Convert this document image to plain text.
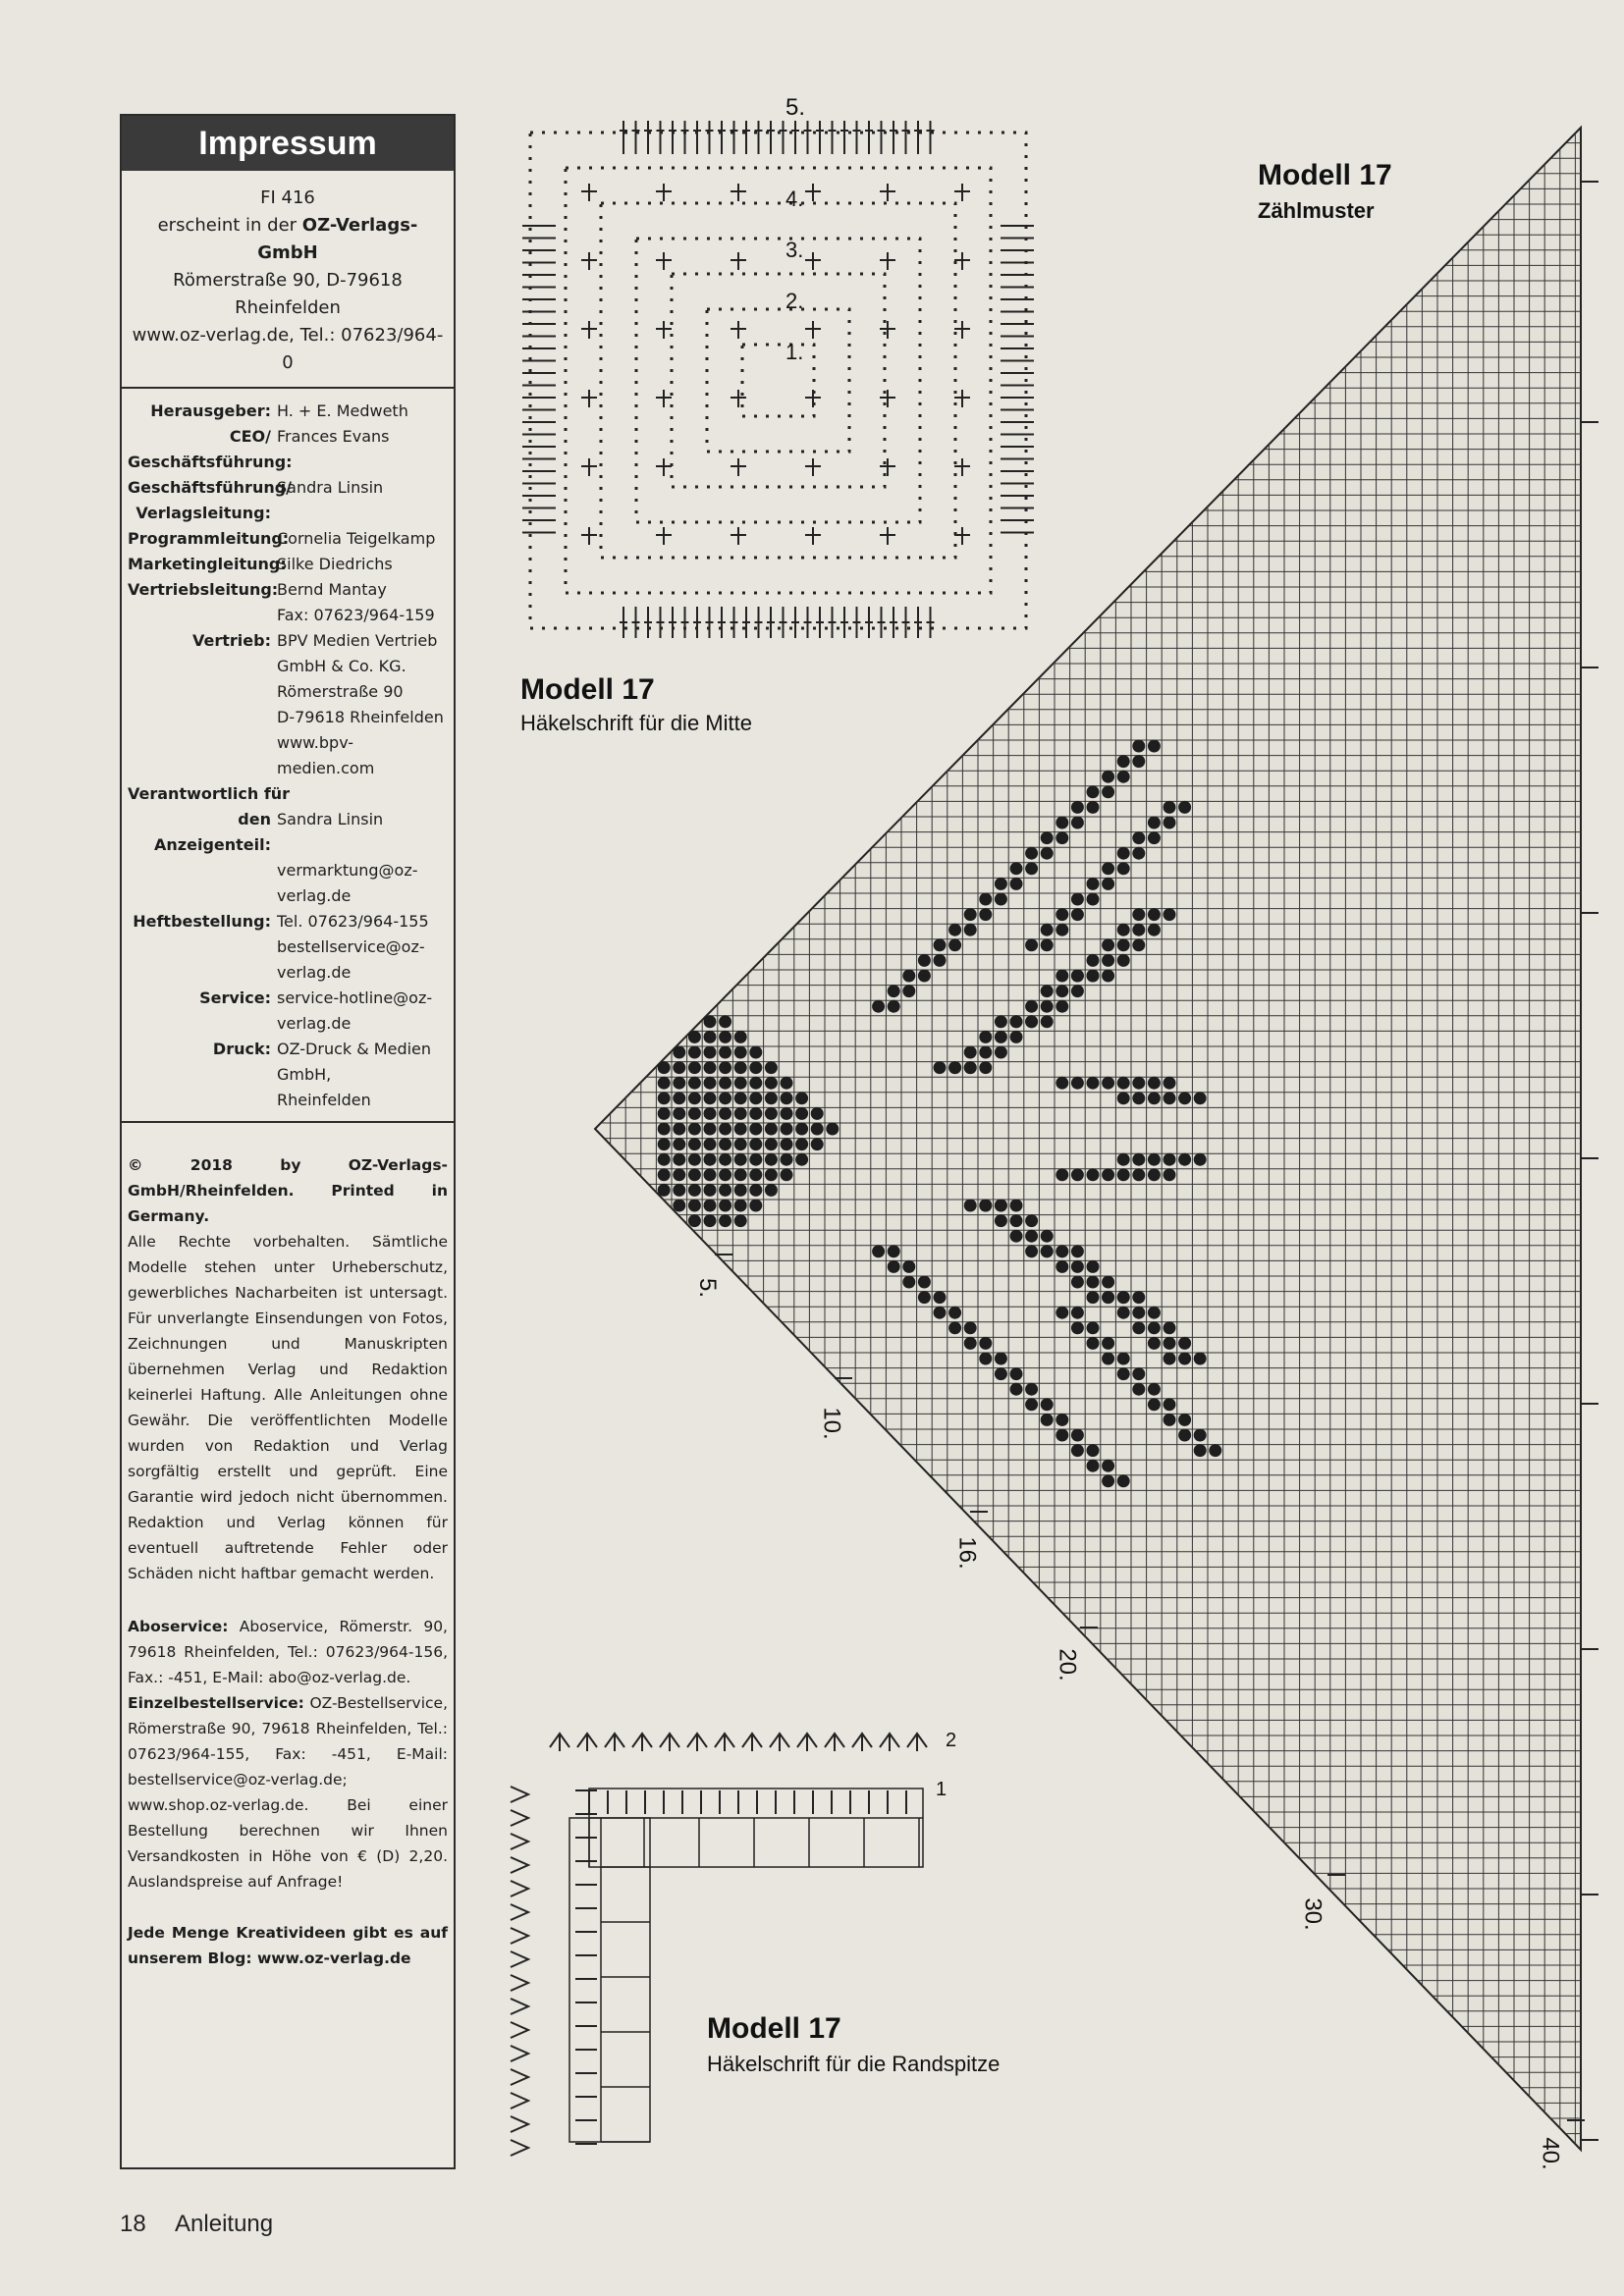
Impressum
FI 416
erscheint in der OZ-Verlags-GmbH
Römerstraße 90, D-79618 Rheinfelden
www.oz-verlag.de, Tel.: 07623/964-0
Herausgeber: H. + E. Medweth
CEO/ Geschäftsführung:
Frances Evans
Geschäftsführung/ Verlagsleitung:
Sandra Linsin
Programmleitung:
Cornelia Teigelkamp
Marketingleitung:
Silke Diedrichs
Vertriebsleitung:
Bernd Mantay
Fax: 07623/964-159
Vertrieb: BPV Medien Vertrieb
GmbH & Co. KG.
Römerstraße 90
D-79618 Rheinfelden
www.bpv-medien.com
Verantwortlich für
den Anzeigenteil:
Sandra Linsin
vermarktung@oz-verlag.de
Heftbestellung: Tel. 07623/964-155
bestellservice@oz-verlag.de
Service: service-hotline@oz-verlag.de
Druck: OZ-Druck & Medien GmbH,
Rheinfelden
© 2018 by OZ-Verlags-GmbH/Rheinfelden. Printed in Germany.
Alle Rechte vorbehalten. Sämtliche Modelle stehen unter Urheberschutz, gewerbliches Nacharbeiten ist untersagt. Für unverlangte Einsendungen von Fotos, Zeichnungen und Manuskripten übernehmen Verlag und Redaktion keinerlei Haftung. Alle Anleitungen ohne Gewähr. Die veröffentlichten Modelle wurden von Redaktion und Verlag sorgfältig erstellt und geprüft. Eine Garantie wird jedoch nicht übernommen. Redaktion und Verlag können für eventuell auftretende Fehler oder Schäden nicht haftbar gemacht werden.
Aboservice: Aboservice, Römerstr. 90, 79618 Rheinfelden, Tel.: 07623/964-156, Fax.: -451, E-Mail: abo@oz-verlag.de.
Einzelbestellservice: OZ-Bestellservice, Römerstraße 90, 79618 Rheinfelden, Tel.: 07623/964-155, Fax: -451, E-Mail: bestellservice@oz-verlag.de; www.shop.oz-verlag.de. Bei einer Bestellung berechnen wir Ihnen Versandkosten in Höhe von € (D) 2,20. Auslandspreise auf Anfrage!
Jede Menge Kreativideen gibt es auf unserem Blog: www.oz-verlag.de
Modell 17
Zählmuster
Modell 17
Häkelschrift für die Mitte
Modell 17
Häkelschrift für die Randspitze
5.
4.
3.
2.
1.
2
1
5.
10.
16.
20.
30.
40.
18 Anleitung
